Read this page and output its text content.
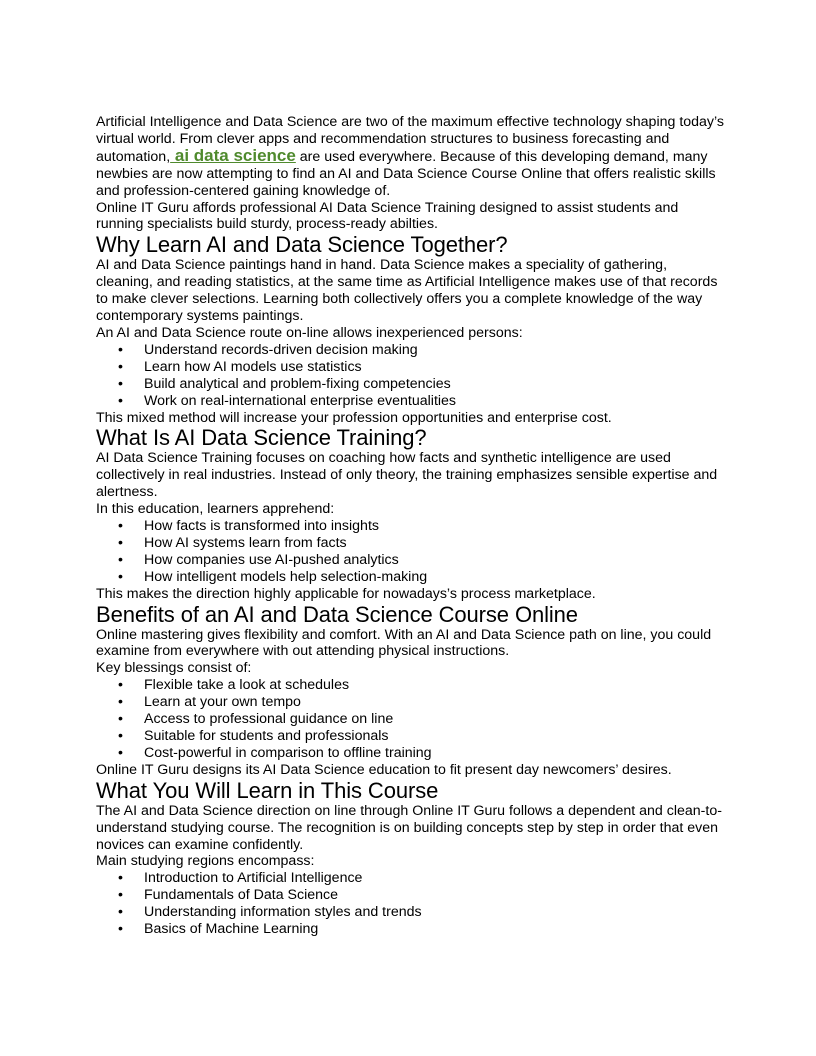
Artificial Intelligence and Data Science are two of the maximum effective technology shaping today’s virtual world. From clever apps and recommendation structures to business forecasting and automation, ai data science are used everywhere. Because of this developing demand, many newbies are now attempting to find an AI and Data Science Course Online that offers realistic skills and profession-centered gaining knowledge of.

Online IT Guru affords professional AI Data Science Training designed to assist students and running specialists build sturdy, process-ready abilties.

Why Learn AI and Data Science Together?

AI and Data Science paintings hand in hand. Data Science makes a speciality of gathering, cleaning, and reading statistics, at the same time as Artificial Intelligence makes use of that records to make clever selections. Learning both collectively offers you a complete knowledge of the way contemporary systems paintings.

An AI and Data Science route on-line allows inexperienced persons:

• Understand records-driven decision making
• Learn how AI models use statistics
• Build analytical and problem-fixing competencies
• Work on real-international enterprise eventualities

This mixed method will increase your profession opportunities and enterprise cost.

What Is AI Data Science Training?

AI Data Science Training focuses on coaching how facts and synthetic intelligence are used collectively in real industries. Instead of only theory, the training emphasizes sensible expertise and alertness.

In this education, learners apprehend:

• How facts is transformed into insights
• How AI systems learn from facts
• How companies use AI-pushed analytics
• How intelligent models help selection-making

This makes the direction highly applicable for nowadays’s process marketplace.

Benefits of an AI and Data Science Course Online

Online mastering gives flexibility and comfort. With an AI and Data Science path on line, you could examine from everywhere with out attending physical instructions.

Key blessings consist of:

• Flexible take a look at schedules
• Learn at your own tempo
• Access to professional guidance on line
• Suitable for students and professionals
• Cost-powerful in comparison to offline training

Online IT Guru designs its AI Data Science education to fit present day newcomers’ desires.

What You Will Learn in This Course

The AI and Data Science direction on line through Online IT Guru follows a dependent and clean-to-understand studying course. The recognition is on building concepts step by step in order that even novices can examine confidently.

Main studying regions encompass:

• Introduction to Artificial Intelligence
• Fundamentals of Data Science
• Understanding information styles and trends
• Basics of Machine Learning
